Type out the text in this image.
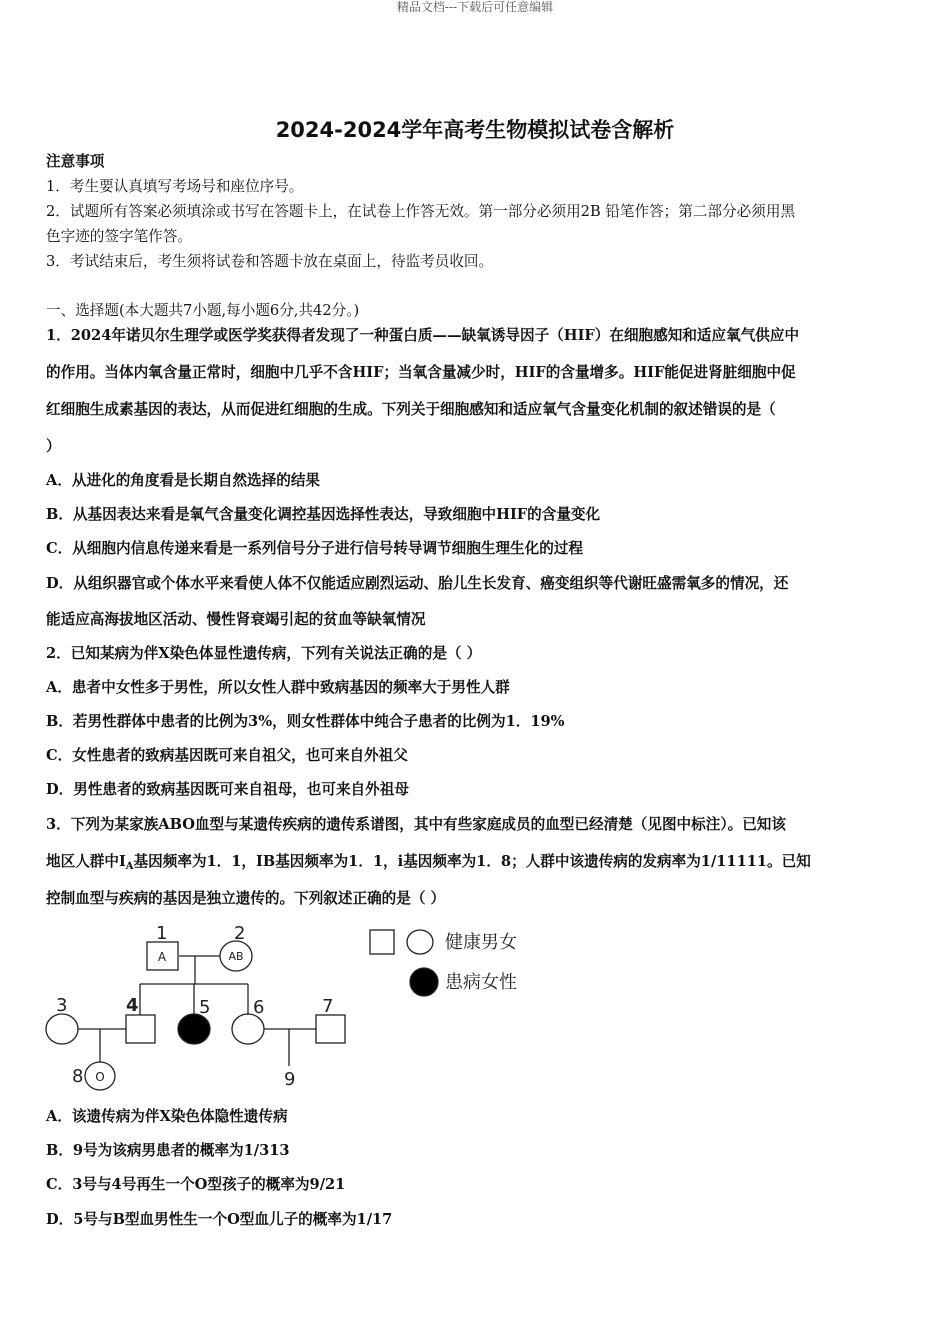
精品文档---下载后可任意编辑
2024-2024学年高考生物模拟试卷含解析
注意事项
1．考生要认真填写考场号和座位序号。
2．试题所有答案必须填涂或书写在答题卡上，在试卷上作答无效。第一部分必须用2B 铅笔作答；第二部分必须用黑
色字迹的签字笔作答。
3．考试结束后，考生须将试卷和答题卡放在桌面上，待监考员收回。
一、选择题(本大题共7小题,每小题6分,共42分。)
1．2024年诺贝尔生理学或医学奖获得者发现了一种蛋白质——缺氧诱导因子（HIF）在细胞感知和适应氧气供应中
的作用。当体内氧含量正常时，细胞中几乎不含HIF；当氧含量减少时，HIF的含量增多。HIF能促进肾脏细胞中促
红细胞生成素基因的表达，从而促进红细胞的生成。下列关于细胞感知和适应氧气含量变化机制的叙述错误的是（
）
A．从进化的角度看是长期自然选择的结果
B．从基因表达来看是氧气含量变化调控基因选择性表达，导致细胞中HIF的含量变化
C．从细胞内信息传递来看是一系列信号分子进行信号转导调节细胞生理生化的过程
D．从组织器官或个体水平来看使人体不仅能适应剧烈运动、胎儿生长发育、癌变组织等代谢旺盛需氧多的情况，还
能适应高海拔地区活动、慢性肾衰竭引起的贫血等缺氧情况
2．已知某病为伴X染色体显性遗传病，下列有关说法正确的是（ ）
A．患者中女性多于男性，所以女性人群中致病基因的频率大于男性人群
B．若男性群体中患者的比例为3%，则女性群体中纯合子患者的比例为1．19%
C．女性患者的致病基因既可来自祖父，也可来自外祖父
D．男性患者的致病基因既可来自祖母，也可来自外祖母
3．下列为某家族ABO血型与某遗传疾病的遗传系谱图，其中有些家庭成员的血型已经清楚（见图中标注）。已知该
地区人群中$I_A$基因频率为1．1，IB基因频率为1．1，i基因频率为1．8；人群中该遗传病的发病率为1/11111。已知
控制血型与疾病的基因是独立遗传的。下列叙述正确的是（ ）
1	2
3	4	5 6	7
8	9
A	AB
O
健康男女
患病女性
A．该遗传病为伴X染色体隐性遗传病
B．9号为该病男患者的概率为1/313
C．3号与4号再生一个O型孩子的概率为9/21
D．5号与B型血男性生一个O型血儿子的概率为1/17
